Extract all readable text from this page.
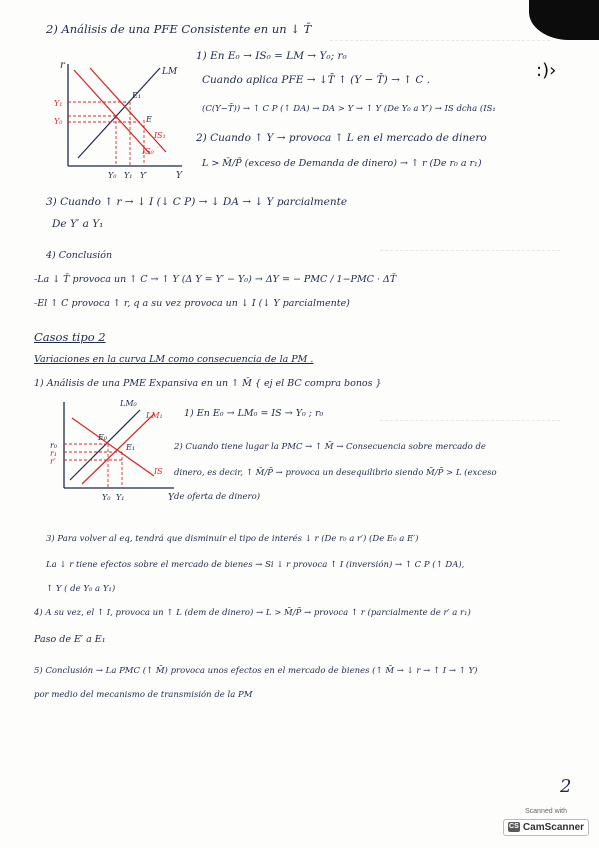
:)›
2) Análisis de una PFE Consistente en un ↓ T̄
r
LM
Y₁
Y₀
E₁
E
IS₁
IS₀
Y₀ Y₁ Y′	Y
1) En E₀ → IS₀ = LM → Y₀; r₀
Cuando aplica PFE → ↓T̄ ↑ (Y − T̄) → ↑ C .
(C(Y−T̄)) → ↑ C P (↑ DA) → DA > Y → ↑ Y (De Y₀ a Y′) → IS dcha (IS₁
2) Cuando ↑ Y → provoca ↑ L en el mercado de dinero
L > M̄/P̄ (exceso de Demanda de dinero) → ↑ r (De r₀ a r₁)
3) Cuando ↑ r → ↓ I (↓ C P) → ↓ DA → ↓ Y parcialmente
De Y′ a Y₁
4) Conclusión
-La ↓ T̄ provoca un ↑ C → ↑ Y (Δ Y = Y′ − Y₀) → ΔY = − PMC / 1−PMC · ΔT̄
-El ↑ C provoca ↑ r, q a su vez provoca un ↓ I (↓ Y parcialmente)
Casos tipo 2
Variaciones en la curva LM como consecuencia de la PM .
1) Análisis de una PME Expansiva en un ↑ M̄ { ej el BC compra bonos }
LM₀
LM₁
r₀
r₁
r′
E₀
E₁
IS
Y₀ Y₁	Y
1) En E₀ → LM₀ = IS → Y₀ ; r₀
2) Cuando tiene lugar la PMC → ↑ M̄ → Consecuencia sobre mercado de
dinero, es decir, ↑ M̄/P̄ → provoca un desequilibrio siendo M̄/P̄ > L (exceso
de oferta de dinero)
3) Para volver al eq, tendrá que disminuir el tipo de interés ↓ r (De r₀ a r′) (De E₀ a E′)
La ↓ r tiene efectos sobre el mercado de bienes → Si ↓ r provoca ↑ I (inversión) → ↑ C P (↑ DA),
↑ Y ( de Y₀ a Y₁)
4) A su vez, el ↑ I, provoca un ↑ L (dem de dinero) → L > M̄/P̄ → provoca ↑ r (parcialmente de r′ a r₁)
Paso de E′ a E₁
5) Conclusión → La PMC (↑ M̄) provoca unos efectos en el mercado de bienes (↑ M̄ → ↓ r → ↑ I → ↑ Y)
por medio del mecanismo de transmisión de la PM
2
Scanned with
CS CamScanner
